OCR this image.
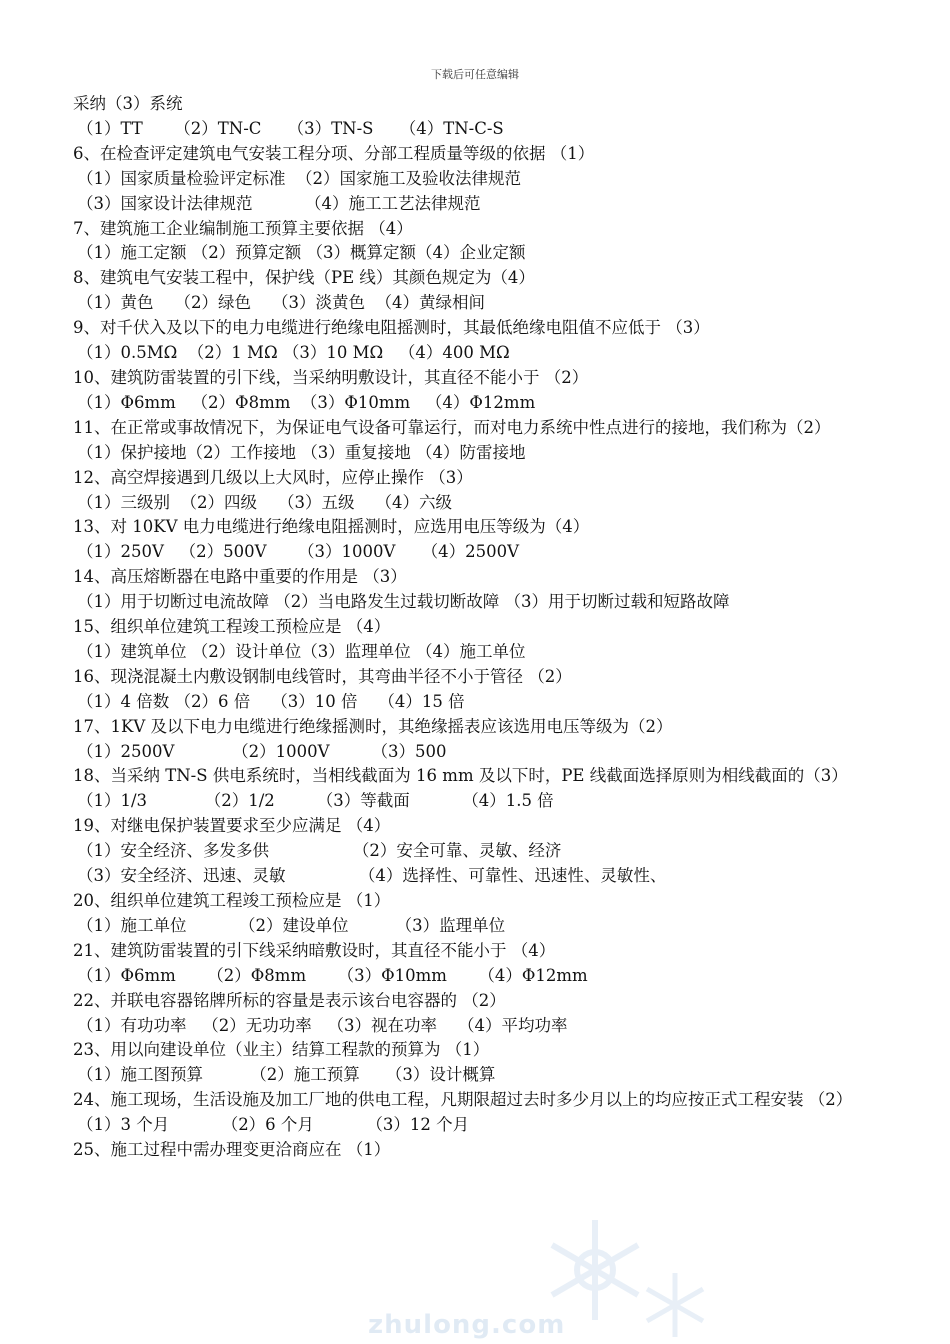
下载后可任意编辑

采纳（3）系统

（1）TT      （2）TN-C     （3）TN-S     （4）TN-C-S

6、在检查评定建筑电气安装工程分项、分部工程质量等级的依据 （1）

（1）国家质量检验评定标准  （2）国家施工及验收法律规范

（3）国家设计法律规范          （4）施工工艺法律规范

7、建筑施工企业编制施工预算主要依据 （4）

（1）施工定额 （2）预算定额 （3）概算定额（4）企业定额

8、建筑电气安装工程中，保护线（PE 线）其颜色规定为（4）

（1）黄色    （2）绿色    （3）淡黄色  （4）黄绿相间

9、对千伏入及以下的电力电缆进行绝缘电阻摇测时，其最低绝缘电阻值不应低于 （3）

（1）0.5MΩ  （2）1 MΩ （3）10 MΩ   （4）400 MΩ

10、建筑防雷装置的引下线，当采纳明敷设计，其直径不能小于 （2）

（1）Φ6mm   （2）Φ8mm  （3）Φ10mm   （4）Φ12mm

11、在正常或事故情况下，为保证电气设备可靠运行，而对电力系统中性点进行的接地，我们称为（2）

（1）保护接地（2）工作接地 （3）重复接地 （4）防雷接地

12、高空焊接遇到几级以上大风时，应停止操作 （3）

（1）三级别  （2）四级    （3）五级    （4）六级

13、对 10KV 电力电缆进行绝缘电阻摇测时，应选用电压等级为（4）

（1）250V   （2）500V      （3）1000V     （4）2500V

14、高压熔断器在电路中重要的作用是 （3）

（1）用于切断过电流故障 （2）当电路发生过载切断故障 （3）用于切断过载和短路故障

15、组织单位建筑工程竣工预检应是 （4）

（1）建筑单位 （2）设计单位（3）监理单位 （4）施工单位

16、现浇混凝土内敷设钢制电线管时，其弯曲半径不小于管径 （2）

（1）4 倍数 （2）6 倍    （3）10 倍    （4）15 倍

17、1KV 及以下电力电缆进行绝缘摇测时，其绝缘摇表应该选用电压等级为（2）

（1）2500V           （2）1000V        （3）500

18、当采纳 TN-S 供电系统时，当相线截面为 16 mm 及以下时，PE 线截面选择原则为相线截面的（3）

（1）1/3           （2）1/2        （3）等截面          （4）1.5 倍

19、对继电保护装置要求至少应满足 （4）

（1）安全经济、多发多供                （2）安全可靠、灵敏、经济

（3）安全经济、迅速、灵敏              （4）选择性、可靠性、迅速性、灵敏性、

20、组织单位建筑工程竣工预检应是 （1）

（1）施工单位          （2）建设单位         （3）监理单位

21、建筑防雷装置的引下线采纳暗敷设时，其直径不能小于 （4）

（1）Φ6mm      （2）Φ8mm      （3）Φ10mm      （4）Φ12mm

22、并联电容器铭牌所标的容量是表示该台电容器的 （2）

（1）有功功率   （2）无功功率   （3）视在功率    （4）平均功率

23、用以向建设单位（业主）结算工程款的预算为 （1）

（1）施工图预算         （2）施工预算     （3）设计概算

24、施工现场，生活设施及加工厂地的供电工程，凡期限超过去时多少月以上的均应按正式工程安装 （2）

（1）3 个月          （2）6 个月          （3）12 个月

25、施工过程中需办理变更洽商应在 （1）

zhulong.com
